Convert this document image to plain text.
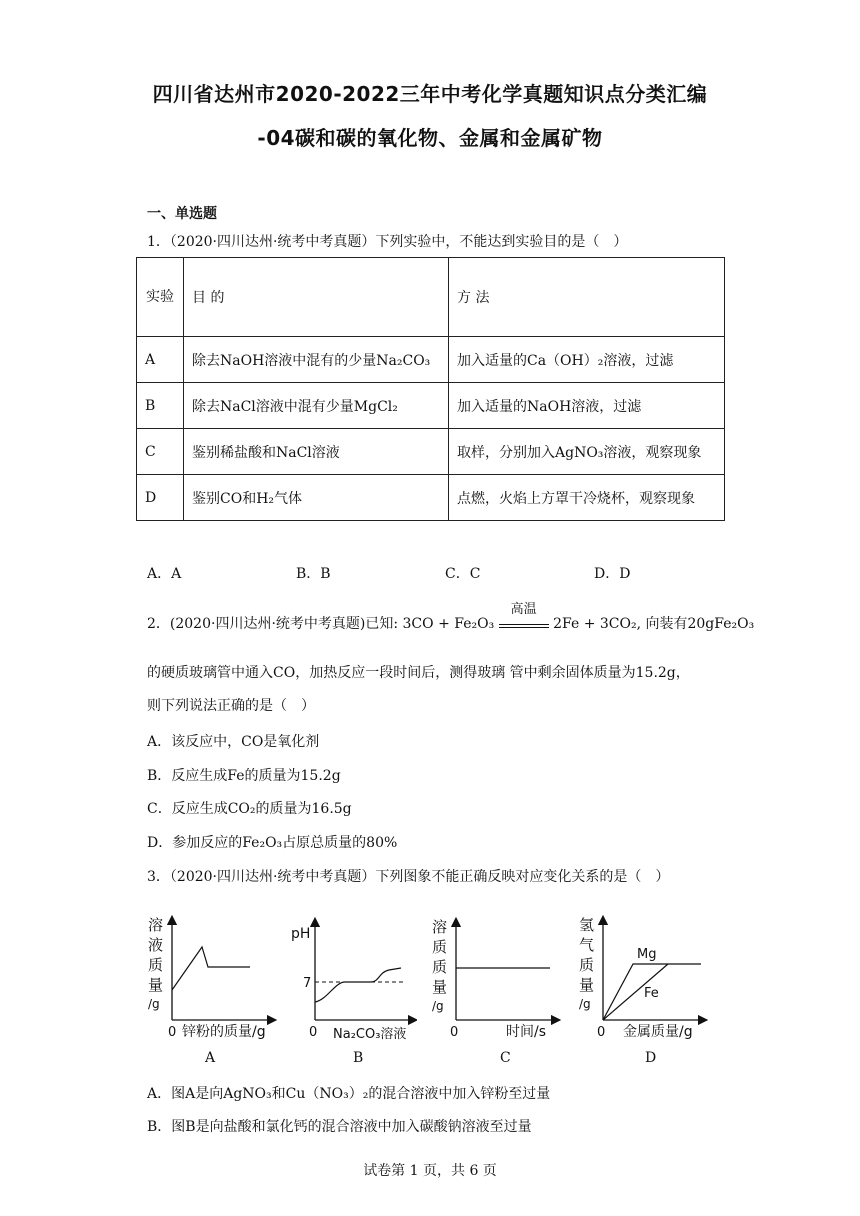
四川省达州市2020-2022三年中考化学真题知识点分类汇编
-04碳和碳的氧化物、金属和金属矿物
一、单选题
1．（2020·四川达州·统考中考真题）下列实验中，不能达到实验目的是（　）
实验	目 的	方 法
A	除去NaOH溶液中混有的少量Na₂CO₃	加入适量的Ca（OH）₂溶液，过滤
B	除去NaCl溶液中混有少量MgCl₂	加入适量的NaOH溶液，过滤
C	鉴别稀盐酸和NaCl溶液	取样，分别加入AgNO₃溶液，观察现象
D	鉴别CO和H₂气体	点燃，火焰上方罩干冷烧杯，观察现象
A．A	B．B	C．C	D．D
2．(2020·四川达州·统考中考真题)已知: 3CO + Fe₂O₃
高温
2Fe + 3CO₂, 向装有20gFe₂O₃
的硬质玻璃管中通入CO，加热反应一段时间后，测得玻璃 管中剩余固体质量为15.2g，
则下列说法正确的是（　）
A．该反应中，CO是氧化剂
B．反应生成Fe的质量为15.2g
C．反应生成CO₂的质量为16.5g
D．参加反应的Fe₂O₃占原总质量的80%
3．（2020·四川达州·统考中考真题）下列图象不能正确反映对应变化关系的是（　）
溶
液
质
量
/g
0 锌粉的质量/g
A
pH
7
0 Na₂CO₃溶液
B
溶
质
质
量
/g
0	时间/s
C
氢
气
质
量
/g
Mg
Fe
0 金属质量/g
D
A．图A是向AgNO₃和Cu（NO₃）₂的混合溶液中加入锌粉至过量
B．图B是向盐酸和氯化钙的混合溶液中加入碳酸钠溶液至过量
试卷第 1 页，共 6 页
